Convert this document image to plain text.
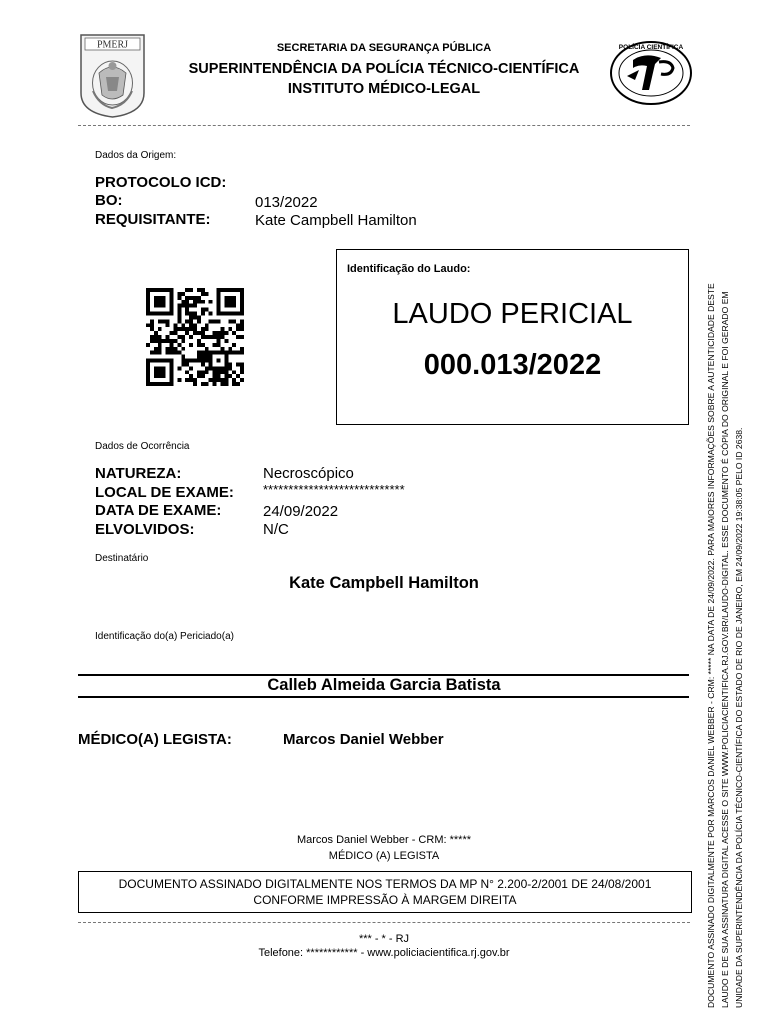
PMERJ	POLÍCIA CIENTÍFICA
SECRETARIA DA SEGURANÇA PÚBLICA
SUPERINTENDÊNCIA DA POLÍCIA TÉCNICO-CIENTÍFICA
INSTITUTO MÉDICO-LEGAL
Dados da Origem:
PROTOCOLO ICD:
BO:	013/2022
REQUISITANTE:	Kate Campbell Hamilton
Identificação do Laudo:
LAUDO PERICIAL
000.013/2022
Dados de Ocorrência
NATUREZA:	Necroscópico
LOCAL DE EXAME: ****************************
DATA DE EXAME:	24/09/2022
ELVOLVIDOS:	N/C
Destinatário
Kate Campbell Hamilton
Identificação do(a) Periciado(a)
Calleb Almeida Garcia Batista
MÉDICO(A) LEGISTA:	Marcos Daniel Webber
Marcos Daniel Webber - CRM: *****
MÉDICO (A) LEGISTA
DOCUMENTO ASSINADO DIGITALMENTE NOS TERMOS DA MP N° 2.200-2/2001 DE 24/08/2001
CONFORME IMPRESSÃO À MARGEM DIREITA
*** - * - RJ
Telefone: ************ - www.policiacientifica.rj.gov.br	DOCUMENTO ASSINADO DIGITALMENTE POR MARCOS DANIEL WEBBER - CRM: ***** NA DATA DE 24/09/2022. PARA MAIORES INFORMAÇÕES SOBRE A AUTENTICIDADE DESTE LAUDO E DE SUA ASSINATURA DIGITAL ACESSE O SITE WWW.POLICIACIENTIFICA.RJ.GOV.BR/LAUDO-DIGITAL. ESSE DOCUMENTO É CÓPIA DO ORIGINAL E FOI GERADO EM UNIDADE DA SUPERINTENDÊNCIA DA POLÍCIA TÉCNICO-CIENTÍFICA DO ESTADO DE RIO DE JANEIRO, EM 24/09/2022 19:38:05 PELO ID 2638.
